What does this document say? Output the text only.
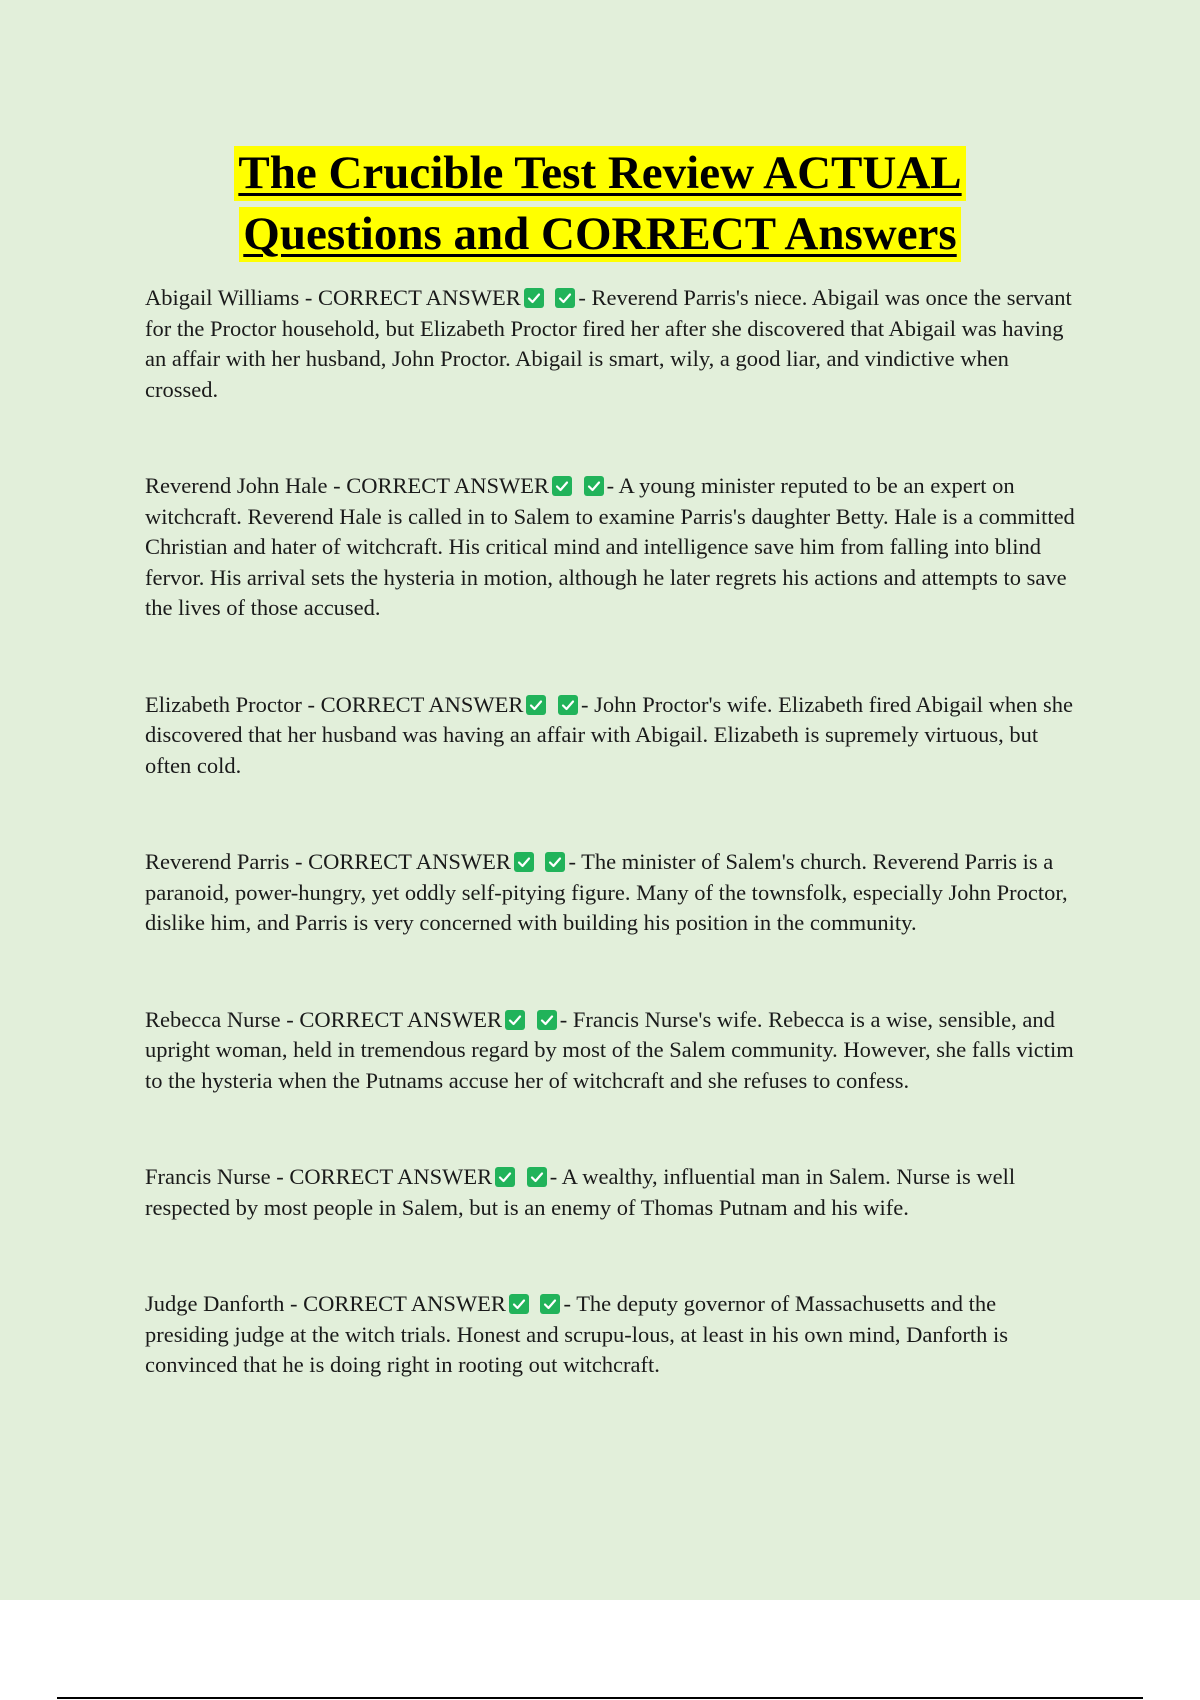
The Crucible Test Review ACTUAL
Questions and CORRECT Answers

Abigail Williams - CORRECT ANSWER
	- Reverend Parris's niece. Abigail was once the servant for the Proctor household, but Elizabeth Proctor fired her after she discovered that Abigail was having an affair with her husband, John Proctor. Abigail is smart, wily, a good liar, and vindictive when crossed.

Reverend John Hale - CORRECT ANSWER
	- A young minister reputed to be an expert on witchcraft. Reverend Hale is called in to Salem to examine Parris's daughter Betty. Hale is a committed Christian and hater of witchcraft. His critical mind and intelligence save him from falling into blind fervor. His arrival sets the hysteria in motion, although he later regrets his actions and attempts to save the lives of those accused.

Elizabeth Proctor - CORRECT ANSWER
	- John Proctor's wife. Elizabeth fired Abigail when she discovered that her husband was having an affair with Abigail. Elizabeth is supremely virtuous, but often cold.

Reverend Parris - CORRECT ANSWER
	- The minister of Salem's church. Reverend Parris is a paranoid, power-hungry, yet oddly self-pitying figure. Many of the townsfolk, especially John Proctor, dislike him, and Parris is very concerned with building his position in the community.

Rebecca Nurse - CORRECT ANSWER
	- Francis Nurse's wife. Rebecca is a wise, sensible, and upright woman, held in tremendous regard by most of the Salem community. However, she falls victim to the hysteria when the Putnams accuse her of witchcraft and she refuses to confess.

Francis Nurse - CORRECT ANSWER
	- A wealthy, influential man in Salem. Nurse is well respected by most people in Salem, but is an enemy of Thomas Putnam and his wife.

Judge Danforth - CORRECT ANSWER
	- The deputy governor of Massachusetts and the presiding judge at the witch trials. Honest and scrupu-lous, at least in his own mind, Danforth is convinced that he is doing right in rooting out witchcraft.
